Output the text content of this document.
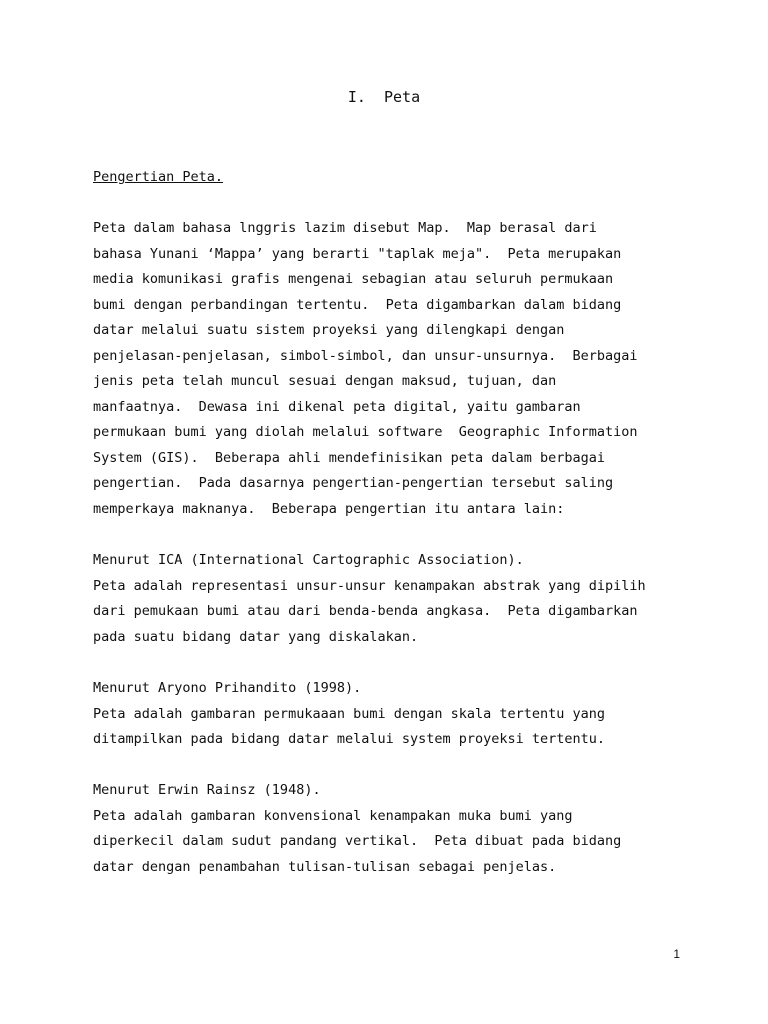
I.  Peta
Pengertian Peta.
Peta dalam bahasa lnggris lazim disebut Map.  Map berasal dari
bahasa Yunani ‘Mappa’ yang berarti "taplak meja".  Peta merupakan
media komunikasi grafis mengenai sebagian atau seluruh permukaan
bumi dengan perbandingan tertentu.  Peta digambarkan dalam bidang
datar melalui suatu sistem proyeksi yang dilengkapi dengan
penjelasan-penjelasan, simbol-simbol, dan unsur-unsurnya.  Berbagai
jenis peta telah muncul sesuai dengan maksud, tujuan, dan
manfaatnya.  Dewasa ini dikenal peta digital, yaitu gambaran
permukaan bumi yang diolah melalui software  Geographic Information
System (GIS).  Beberapa ahli mendefinisikan peta dalam berbagai
pengertian.  Pada dasarnya pengertian-pengertian tersebut saling
memperkaya maknanya.  Beberapa pengertian itu antara lain:
Menurut ICA (International Cartographic Association).
Peta adalah representasi unsur-unsur kenampakan abstrak yang dipilih
dari pemukaan bumi atau dari benda-benda angkasa.  Peta digambarkan
pada suatu bidang datar yang diskalakan.
Menurut Aryono Prihandito (1998).
Peta adalah gambaran permukaaan bumi dengan skala tertentu yang
ditampilkan pada bidang datar melalui system proyeksi tertentu.
Menurut Erwin Rainsz (1948).
Peta adalah gambaran konvensional kenampakan muka bumi yang
diperkecil dalam sudut pandang vertikal.  Peta dibuat pada bidang
datar dengan penambahan tulisan-tulisan sebagai penjelas.
1
